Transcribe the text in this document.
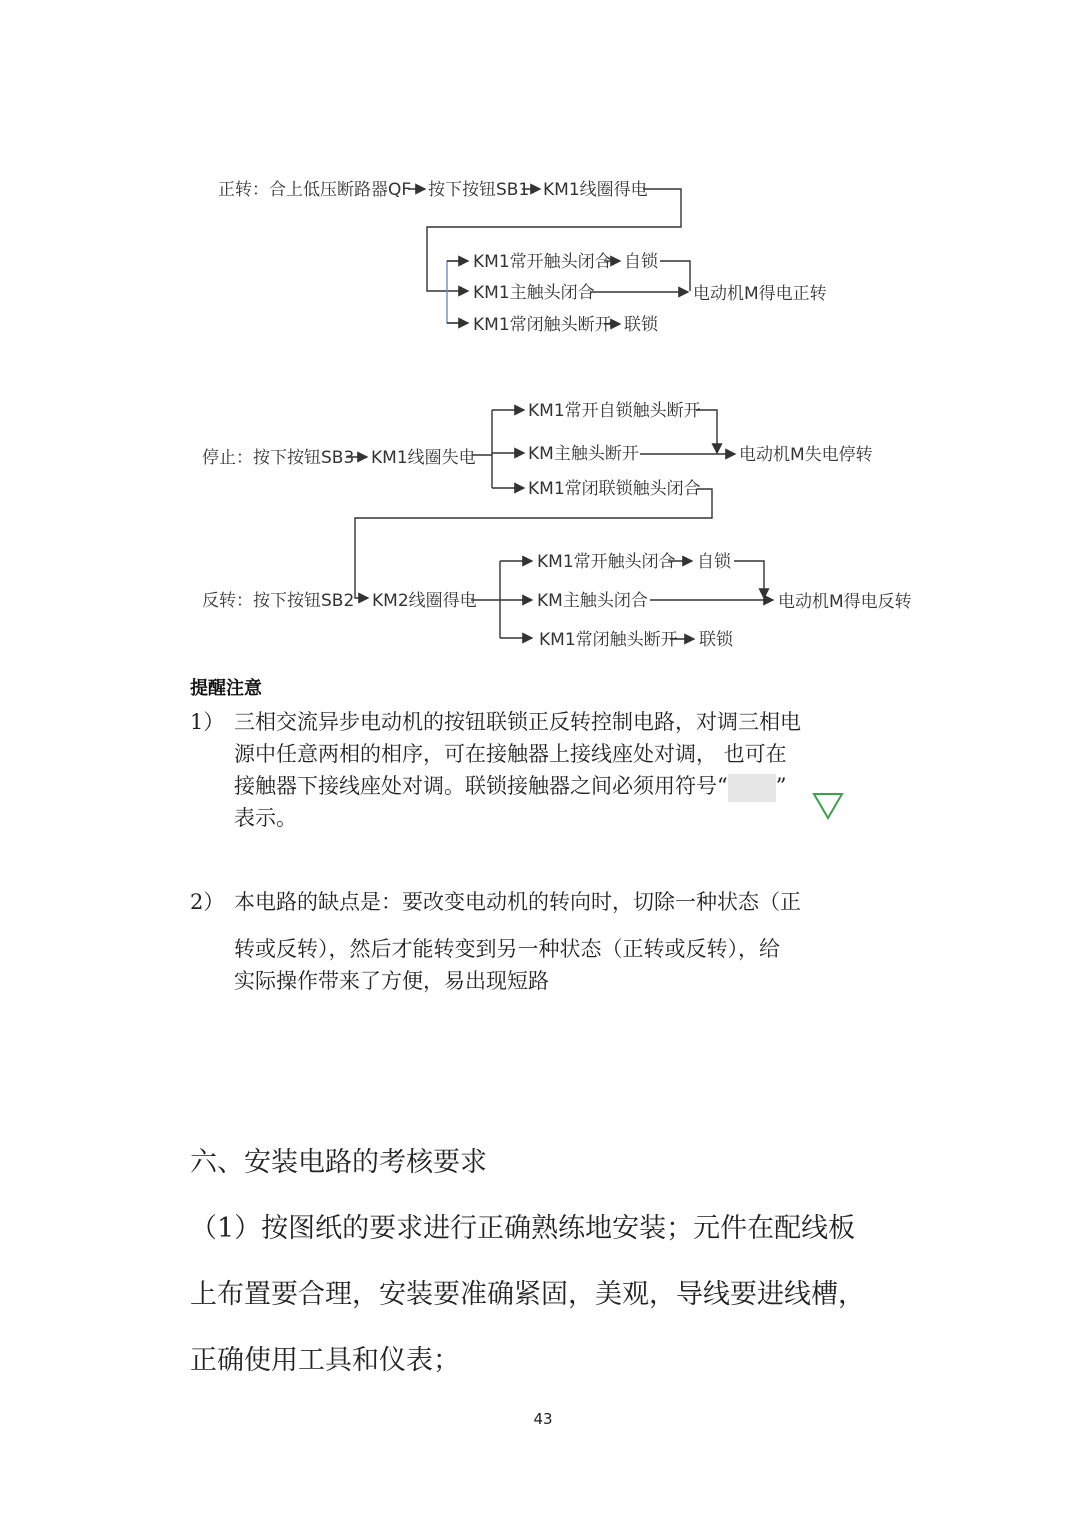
正转：合上低压断路器QF 按下按钮SB1 KM1线圈得电
KM1常开触头闭合 自锁
KM1主触头闭合	电动机M得电正转
KM1常闭触头断开 联锁
停止：按下按钮SB3 KM1线圈失电
KM1常开自锁触头断开
KM主触头断开	电动机M失电停转
KM1常闭联锁触头闭合
反转：按下按钮SB2 KM2线圈得电
KM1常开触头闭合 自锁
KM主触头闭合	电动机M得电反转
KM1常闭触头断开 联锁
提醒注意
1） 三相交流异步电动机的按钮联锁正反转控制电路，对调三相电
源中任意两相的相序，可在接触器上接线座处对调， 也可在
接触器下接线座处对调。联锁接触器之间必须用符号“ ”
表示。
2） 本电路的缺点是：要改变电动机的转向时，切除一种状态（正
转或反转），然后才能转变到另一种状态（正转或反转），给
实际操作带来了方便，易出现短路
六、安装电路的考核要求
（1）按图纸的要求进行正确熟练地安装；元件在配线板
上布置要合理，安装要准确紧固，美观，导线要进线槽，
正确使用工具和仪表；
43
